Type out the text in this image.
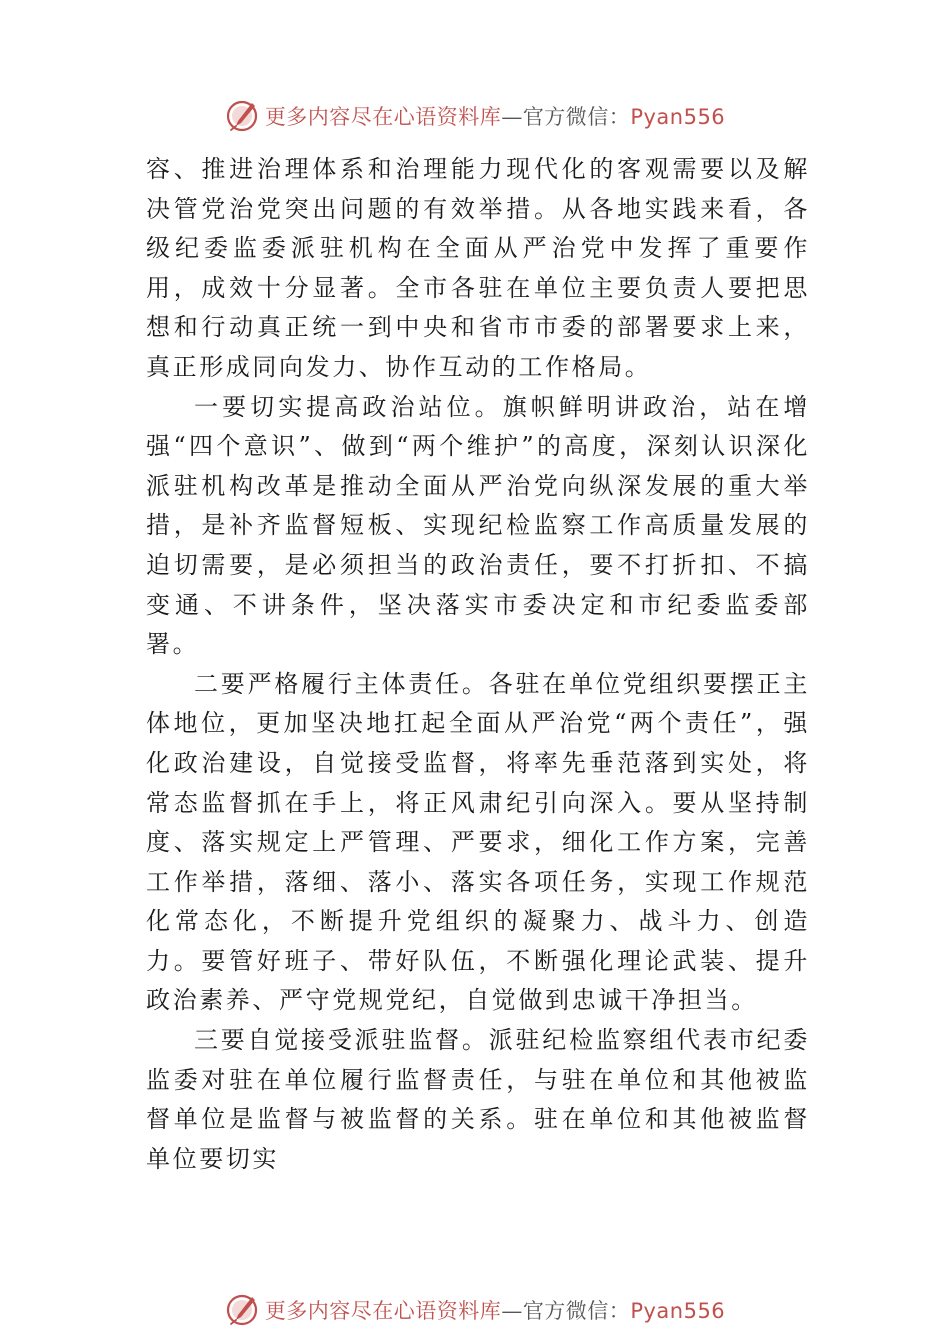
更多内容尽在心语资料库—官方微信：Pyan556

容、推进治理体系和治理能力现代化的客观需要以及解决管党治党突出问题的有效举措。从各地实践来看，各级纪委监委派驻机构在全面从严治党中发挥了重要作用，成效十分显著。全市各驻在单位主要负责人要把思想和行动真正统一到中央和省市市委的部署要求上来，真正形成同向发力、协作互动的工作格局。

一要切实提高政治站位。旗帜鲜明讲政治，站在增强“四个意识”、做到“两个维护”的高度，深刻认识深化派驻机构改革是推动全面从严治党向纵深发展的重大举措，是补齐监督短板、实现纪检监察工作高质量发展的迫切需要，是必须担当的政治责任，要不打折扣、不搞变通、不讲条件，坚决落实市委决定和市纪委监委部署。

二要严格履行主体责任。各驻在单位党组织要摆正主体地位，更加坚决地扛起全面从严治党“两个责任”，强化政治建设，自觉接受监督，将率先垂范落到实处，将常态监督抓在手上，将正风肃纪引向深入。要从坚持制度、落实规定上严管理、严要求，细化工作方案，完善工作举措，落细、落小、落实各项任务，实现工作规范化常态化，不断提升党组织的凝聚力、战斗力、创造力。要管好班子、带好队伍，不断强化理论武装、提升政治素养、严守党规党纪，自觉做到忠诚干净担当。

三要自觉接受派驻监督。派驻纪检监察组代表市纪委监委对驻在单位履行监督责任，与驻在单位和其他被监督单位是监督与被监督的关系。驻在单位和其他被监督单位要切实

更多内容尽在心语资料库—官方微信：Pyan556
